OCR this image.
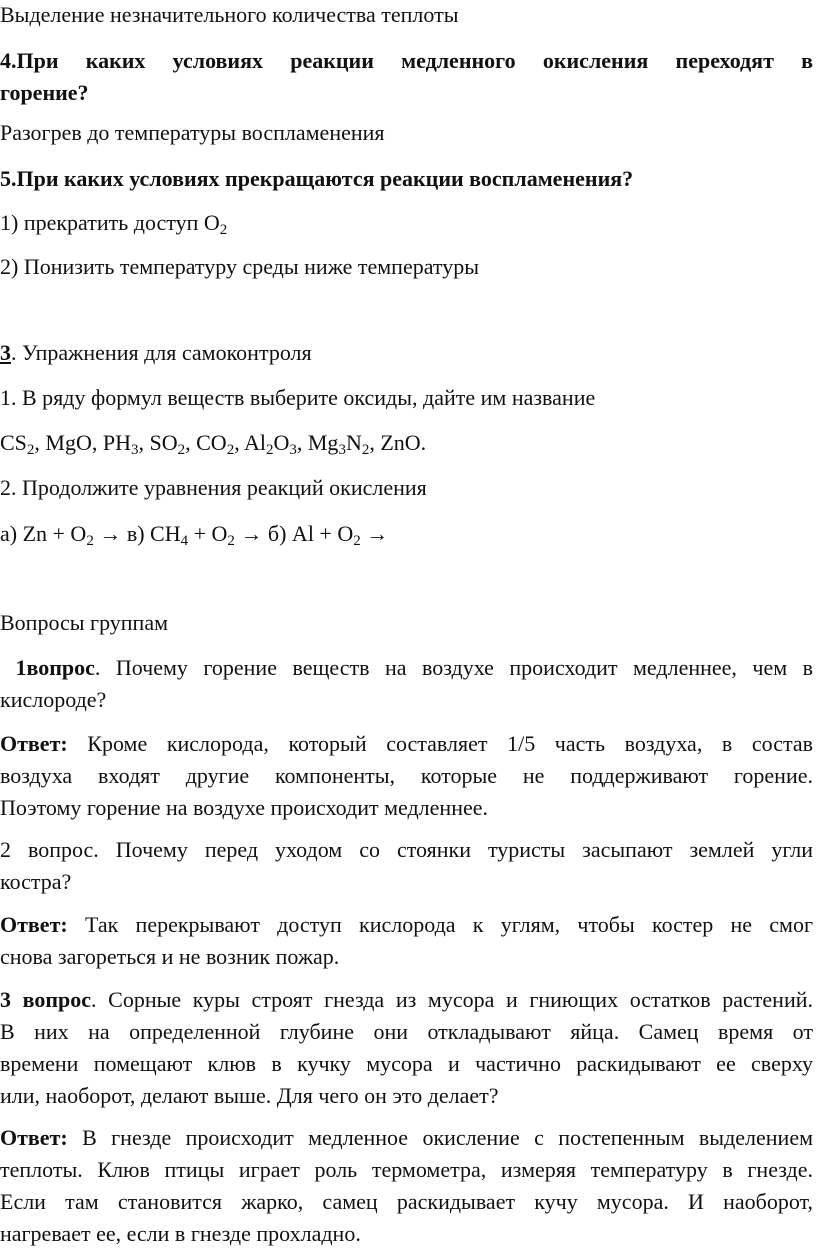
Выделение незначительного количества теплоты
4.При каких условиях реакции медленного окисления переходят в
горение?
Разогрев до температуры воспламенения
5.При каких условиях прекращаются реакции воспламенения?
1) прекратить доступ $O_2$
2) Понизить температуру среды ниже температуры
3. Упражнения для самоконтроля
1. В ряду формул веществ выберите оксиды, дайте им название
$CS_2$, MgO, $PH_3$, $SO_2$, $CO_2$, $Al_2O_3$, $Mg_3N_2$, ZnO.
2. Продолжите уравнения реакций окисления
а) $Zn + O_2 \to в$) $CH_4 + O_2 \to б$) $Al + O_2$ →
Вопросы группам
1вопрос. Почему горение веществ на воздухе происходит медленнее, чем в
кислороде?
Ответ: Кроме кислорода, который составляет 1/5 часть воздуха, в состав
воздуха входят другие компоненты, которые не поддерживают горение.
Поэтому горение на воздухе происходит медленнее.
2 вопрос. Почему перед уходом со стоянки туристы засыпают землей угли
костра?
Ответ: Так перекрывают доступ кислорода к углям, чтобы костер не смог
снова загореться и не возник пожар.
3 вопрос. Сорные куры строят гнезда из мусора и гниющих остатков растений.
В них на определенной глубине они откладывают яйца. Самец время от
времени помещают клюв в кучку мусора и частично раскидывают ее сверху
или, наоборот, делают выше. Для чего он это делает?
Ответ: В гнезде происходит медленное окисление с постепенным выделением
теплоты. Клюв птицы играет роль термометра, измеряя температуру в гнезде.
Если там становится жарко, самец раскидывает кучу мусора. И наоборот,
нагревает ее, если в гнезде прохладно.
